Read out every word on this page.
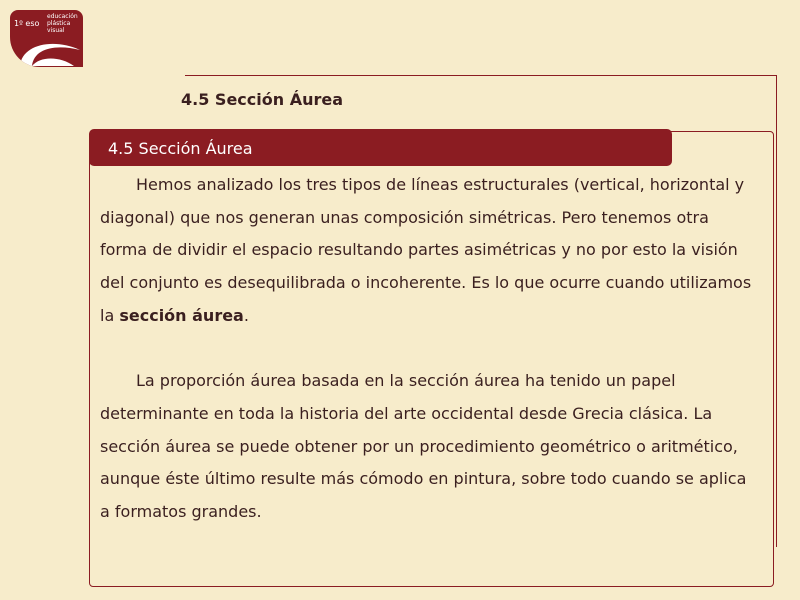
1º eso
educación
plástica
visual
4.5 Sección Áurea
4.5 Sección Áurea

Hemos analizado los tres tipos de líneas estructurales (vertical, horizontal y diagonal) que nos generan unas composición simétricas. Pero tenemos otra forma de dividir el espacio resultando partes asimétricas y no por esto la visión del conjunto es desequilibrada o incoherente. Es lo que ocurre cuando utilizamos la sección áurea.

La proporción áurea basada en la sección áurea ha tenido un papel determinante en toda la historia del arte occidental desde Grecia clásica. La sección áurea se puede obtener por un procedimiento geométrico o aritmético, aunque éste último resulte más cómodo en pintura, sobre todo cuando se aplica a formatos grandes.
